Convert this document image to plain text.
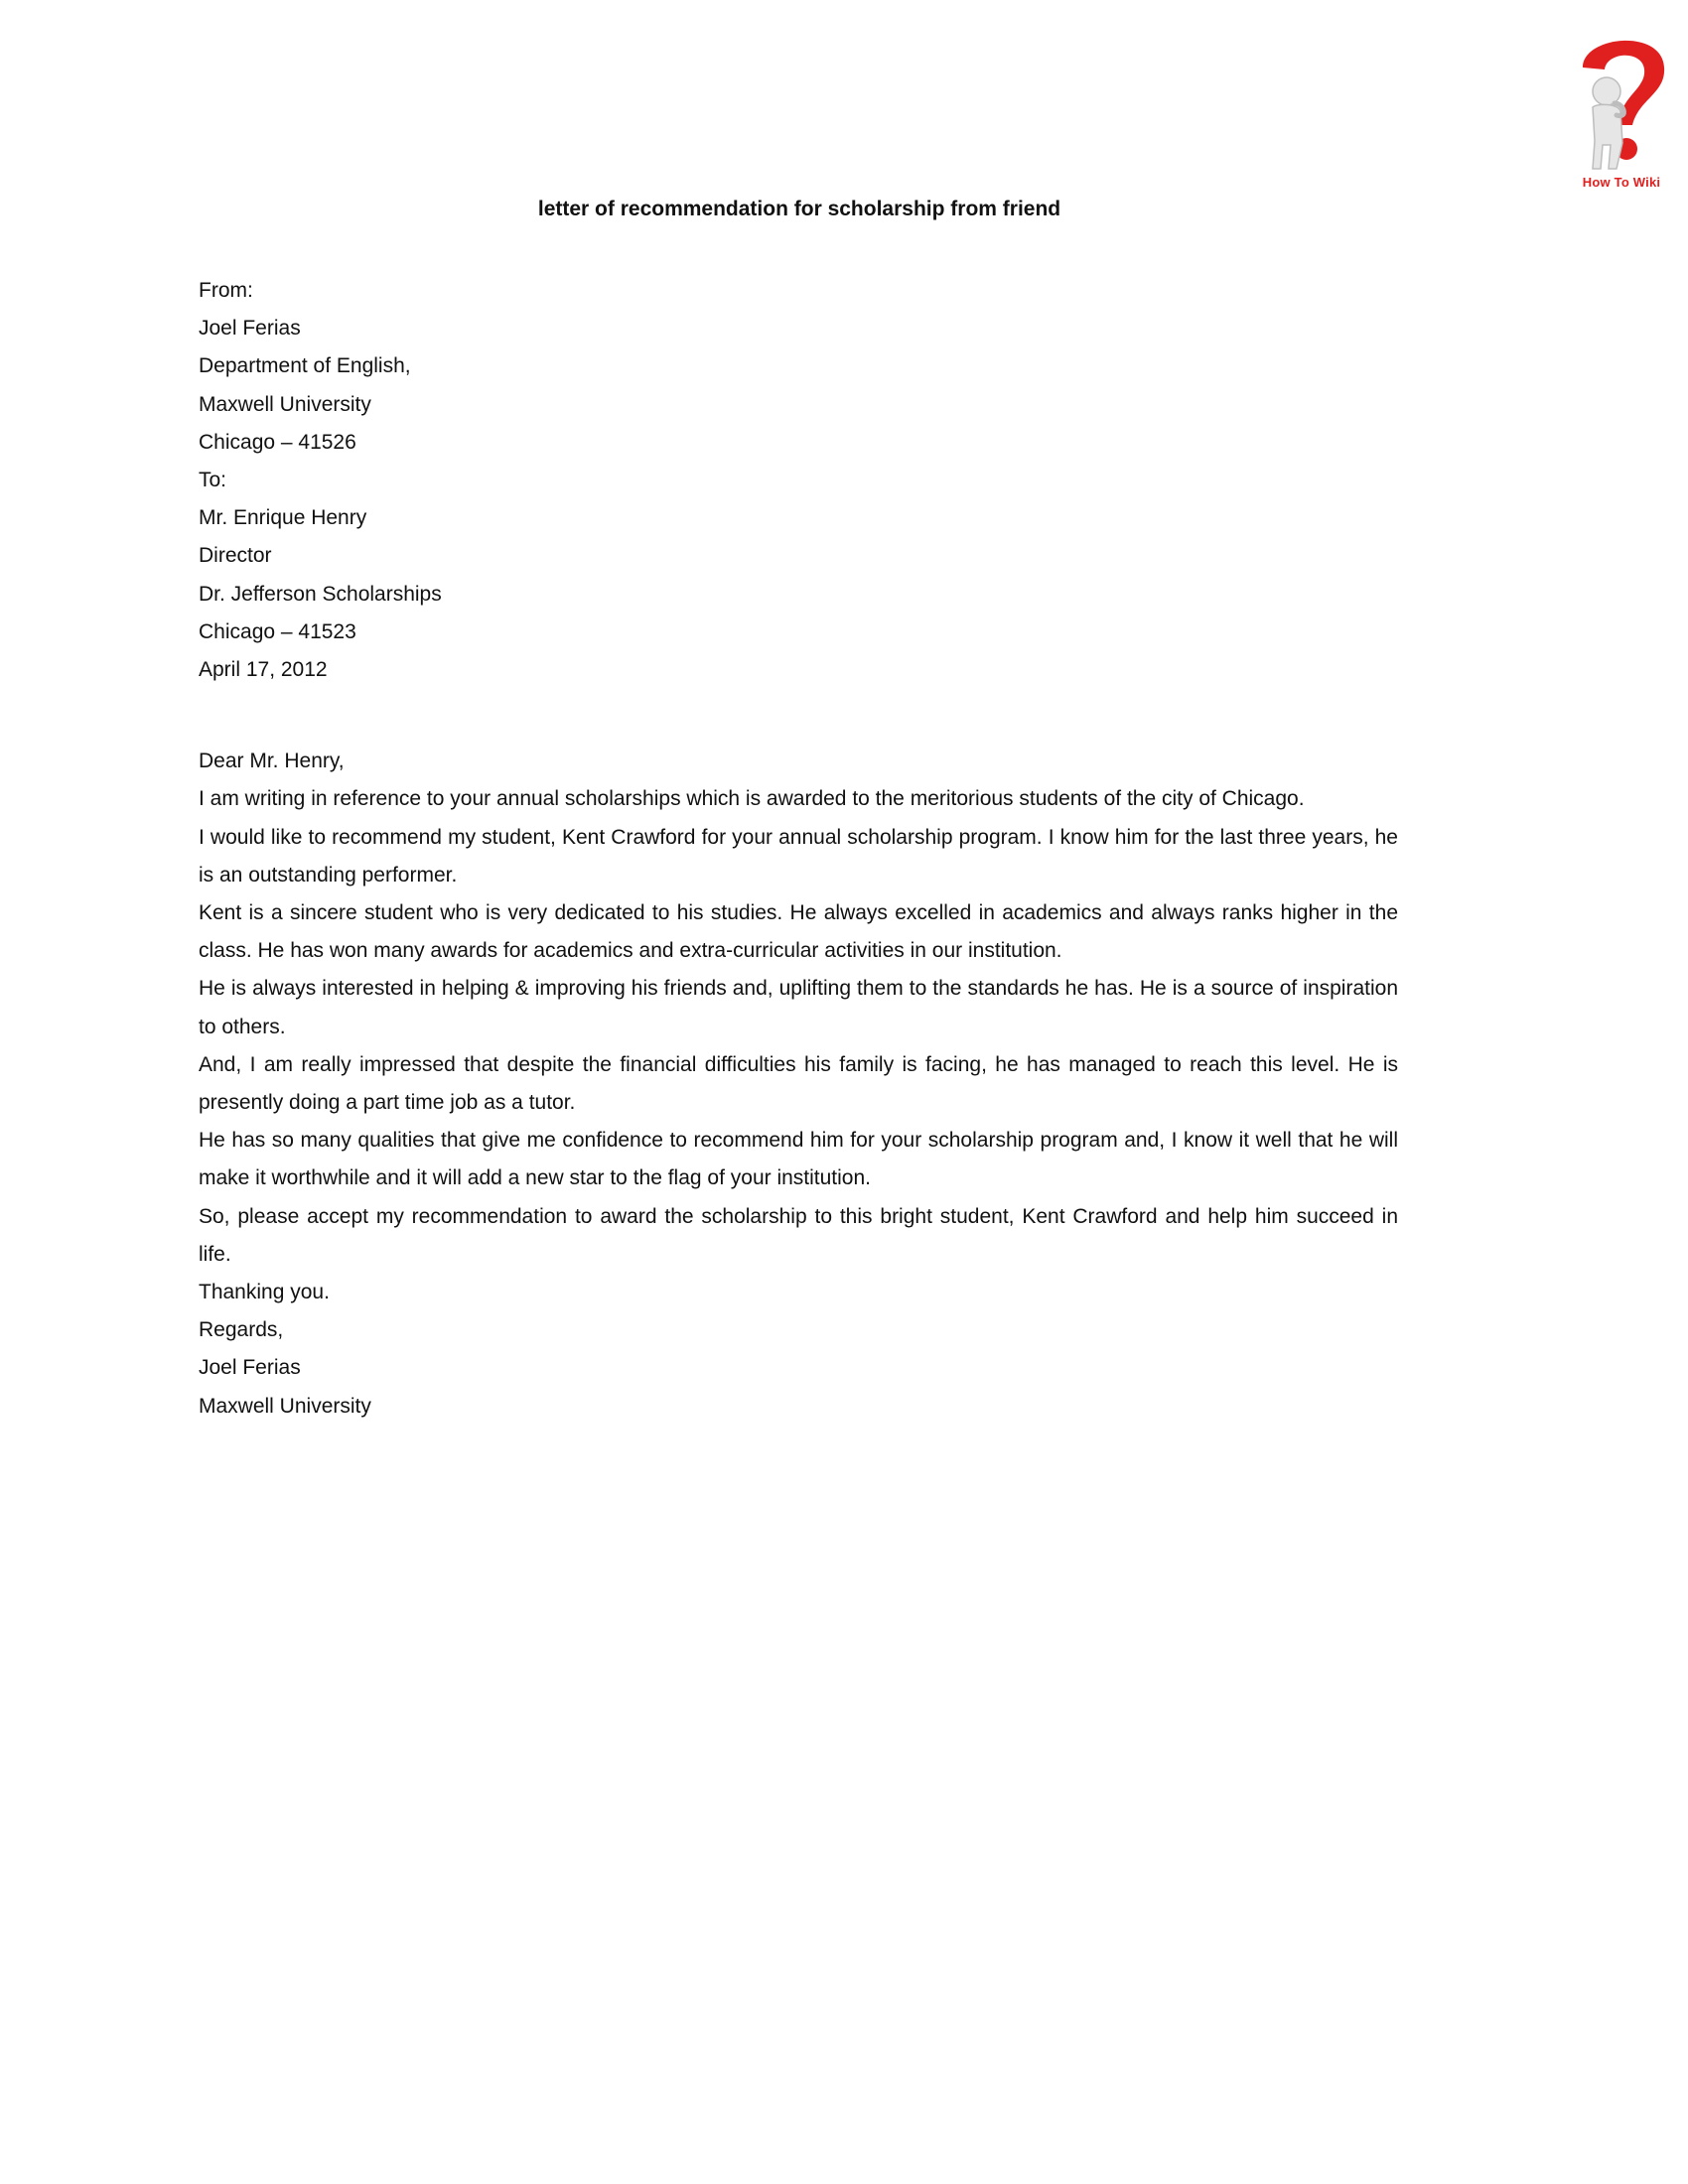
How To Wiki
letter of recommendation for scholarship from friend
From:
Joel Ferias
Department of English,
Maxwell University
Chicago – 41526
To:
Mr. Enrique Henry
Director
Dr. Jefferson Scholarships
Chicago – 41523
April 17, 2012
Dear Mr. Henry,
I am writing in reference to your annual scholarships which is awarded to the meritorious students of the city of Chicago.
I would like to recommend my student, Kent Crawford for your annual scholarship program. I know him for the last three years, he is an outstanding performer.
Kent is a sincere student who is very dedicated to his studies. He always excelled in academics and always ranks higher in the class. He has won many awards for academics and extra-curricular activities in our institution.
He is always interested in helping & improving his friends and, uplifting them to the standards he has. He is a source of inspiration to others.
And, I am really impressed that despite the financial difficulties his family is facing, he has managed to reach this level. He is presently doing a part time job as a tutor.
He has so many qualities that give me confidence to recommend him for your scholarship program and, I know it well that he will make it worthwhile and it will add a new star to the flag of your institution.
So, please accept my recommendation to award the scholarship to this bright student, Kent Crawford and help him succeed in life.
Thanking you.
Regards,
Joel Ferias
Maxwell University
